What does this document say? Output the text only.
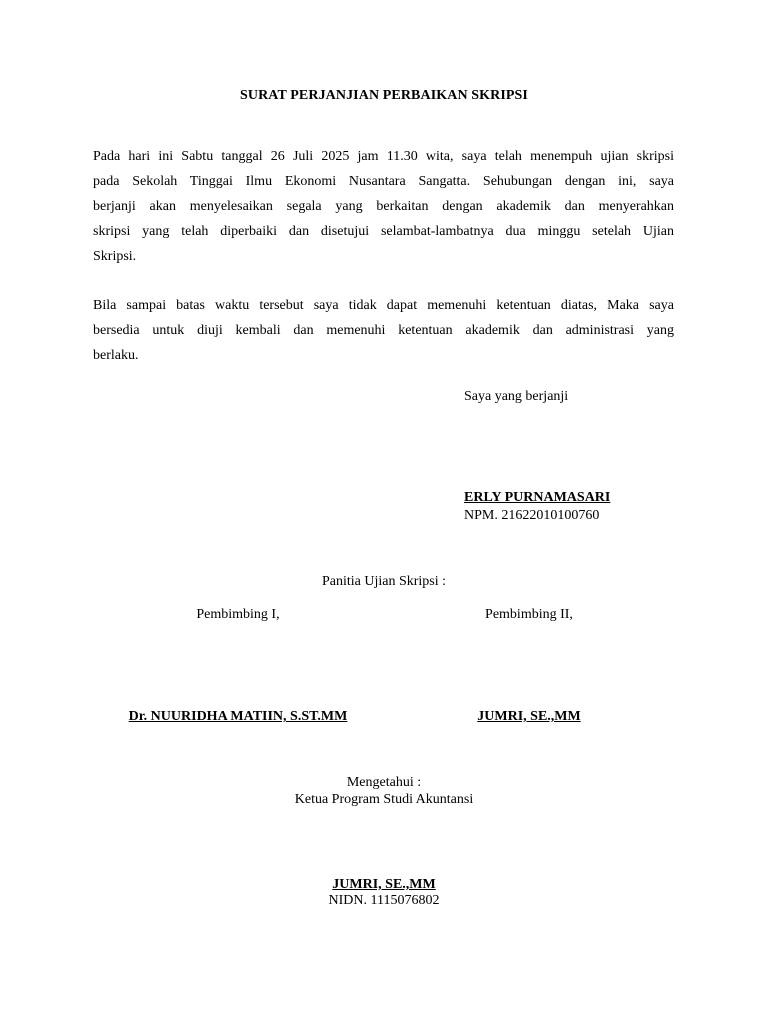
SURAT PERJANJIAN PERBAIKAN SKRIPSI
Pada hari ini Sabtu tanggal 26 Juli 2025 jam 11.30 wita, saya telah menempuh ujian skripsi
pada Sekolah Tinggai Ilmu Ekonomi Nusantara Sangatta. Sehubungan dengan ini, saya
berjanji akan menyelesaikan segala yang berkaitan dengan akademik dan menyerahkan
skripsi yang telah diperbaiki dan disetujui selambat-lambatnya dua minggu setelah Ujian
Skripsi.
Bila sampai batas waktu tersebut saya tidak dapat memenuhi ketentuan diatas, Maka saya
bersedia untuk diuji kembali dan memenuhi ketentuan akademik dan administrasi yang
berlaku.
Saya yang berjanji
ERLY PURNAMASARI
NPM. 21622010100760
Panitia Ujian Skripsi :
Pembimbing I,	Pembimbing II,
Dr. NUURIDHA MATIIN, S.ST.MM	JUMRI, SE.,MM
Mengetahui :
Ketua Program Studi Akuntansi
JUMRI, SE.,MM
NIDN. 1115076802
